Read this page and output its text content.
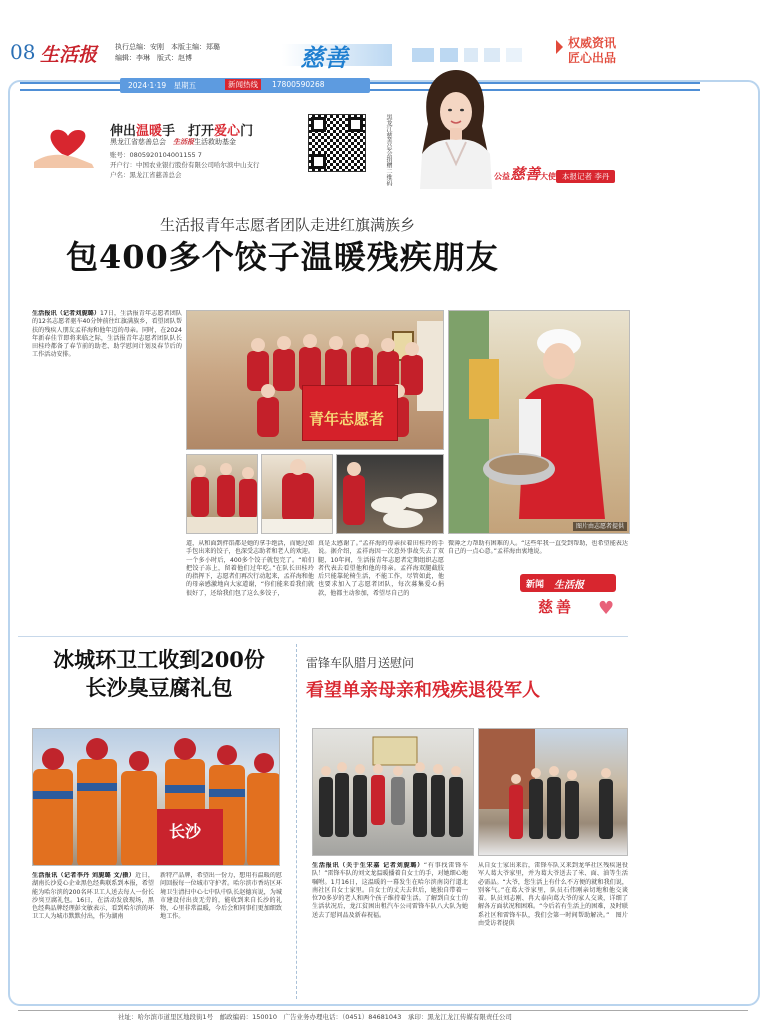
08 生活报	执行总编：安刚　本版主编：郑璐
编辑：李琳　版式：赵博	慈善	权威资讯
匠心出品
2024·1·19　星期五	新闻热线	17800590268
伸出温暖手　打开爱心门
黑龙江省慈善总会　 生活报生活救助基金
账号：0805920104001155 7
开户行：中国农业银行股份有限公司哈尔滨中山支行
户名：黑龙江省慈善总会	黑龙江慈善总会捐赠二维码	公益慈善大使 本报记者 李丹
生活报青年志愿者团队走进红旗满族乡
包400多个饺子温暖残疾朋友
生活报讯（记者刘旎璐）17日，生活报青年志愿者团队的12名志愿者驱车40分钟前往红旗满族乡，看望团队帮扶的残疾人朋友孟祥海和他年迈的母亲。同时，在2024年新春佳节即将来临之际，生活报青年志愿者团队队长田桂玲都备了春节前的助老、助学慰问计划及春节后的工作活动安排。
青年志愿者
图片由志愿者提供
道，从和面到拌馅都是她的拿手绝活，而她过如手包出来的饺子，也深受志助者和老人的欢迎。一个多小时后，400多个饺子就包完了。“咱们把饺子冻上，留着他们过年吃。”在队长田桂玲的指挥下，志愿者们再次行动起来，孟祥海和他的母亲感激地向大家道谢，“你们能来看我们就很好了，还给我们包了这么多饺子，
真是太感谢了。”孟祥海的母亲拉着田桂玲的手说。据介绍，孟祥海因一次意外事故失去了双腿，10年间，生活报青年志愿者定期组织志愿者代表去看望他和他的母亲。孟祥海双腿截肢后只能靠轮椅生活，不能工作，尽管如此，他也要求加入了志愿者团队，每次募集爱心捐款，他都主动参加，希望尽自己的
微薄之力帮助有困难的人。“这些年我一直受到帮助，也希望能表达自己的一点心意。”孟祥海由衷地说。
新闻 生活报
慈善 ♥
冰城环卫工收到200份
长沙臭豆腐礼包
长沙
生活报讯（记者李丹 刘旎璐 文/摄）近日，湖南长沙爱心企业黑色经典联系到本报，希望能为哈尔滨的200名环卫工人送去每人一份长沙臭豆腐礼包。16日，在活动发放现场，黑色经典品牌经理彭文敏表示，看到哈尔滨的环卫工人为城市默默付出，作为湖南
新特产品牌，希望出一份力，想用有温暖的慰问回报每一位城市守护者。哈尔滨市香坊区环境卫生清扫中心七中队中队长赵德宾说，为城市建设付出贵无劳的，能收到来自长沙的礼物，心里非常温暖，今后会和同事们更加细致地工作。
雷锋车队腊月送慰问
看望单亲母亲和残疾退役军人
生活报讯（关于生宋嘉 记者刘旎璐）“有事找雷锋车队！”雷锋车队的刘文龙温暖播着自女士的手，对她细心地嘱咐。1月16日，这温暖的一幕发生在哈尔滨南岗行道北南社区自女士家里。自女士的丈夫去世后，她独自带着一位70多岁的老人和两个孩子维持着生活。了解到自女士的生活状况后，龙江贫困出租汽车公司雷锋车队八大队为她送去了慰问品及新春祝福。
从自女士家出来后，雷锋车队又来到龙华社区残疾退役军人葛大爷家里，并为葛大爷送去了米、面、油等生活必需品。“大爷，您生活上有什么不方便的就和我们说，别客气。”在葛大爷家里，队员石伟刚亲切地和他交谈着。队员刘志刚、冉大泰向葛大爷的家人交谈，详细了解各方面状况和困难。“今后若有生活上的困难，及时联系社区和雷锋车队，我们会第一时间帮助解决。”　 图片由受访者提供
社址：哈尔滨市道里区地段街1号　邮政编码：150010　广告业务办理电话：（0451）84681043　承印：黑龙江龙江传媒有限责任公司
